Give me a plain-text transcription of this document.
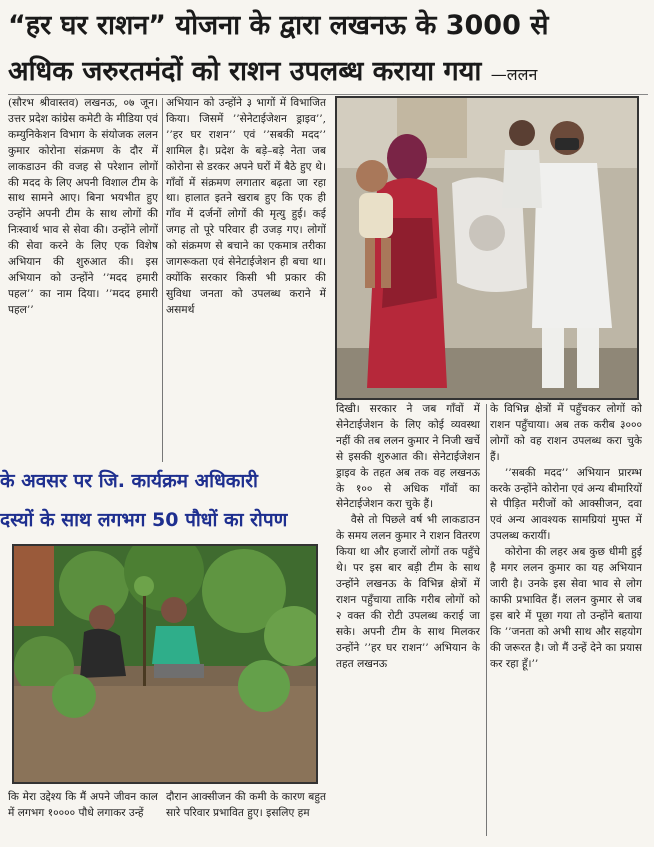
“हर घर राशन” योजना के द्वारा लखनऊ के 3000 से
अधिक जरुरतमंदों को राशन उपलब्ध कराया गया —ललन

(सौरभ श्रीवास्तव) लखनऊ, ०७ जून। उत्तर प्रदेश कांग्रेस कमेटी के मीडिया एवं कम्युनिकेशन विभाग के संयोजक ललन कुमार कोरोना संक्रमण के दौर में लाकडाउन की वजह से परेशान लोगों की मदद के लिए अपनी विशाल टीम के साथ सामने आए। बिना भयभीत हुए उन्होंने अपनी टीम के साथ लोगों की निःस्वार्थ भाव से सेवा की। उन्होंने लोगों की सेवा करने के लिए एक विशेष अभियान की शुरुआत की। इस अभियान को उन्होंने ’’मदद हमारी पहल’’ का नाम दिया। ’’मदद हमारी पहल’’

अभियान को उन्होंने ३ भागों में विभाजित किया। जिसमें ’’सेनेटाईजेशन ड्राइव’’, ’’हर घर राशन’’ एवं ’’सबकी मदद’’ शामिल है। प्रदेश के बड़े–बड़े नेता जब कोरोना से डरकर अपने घरों में बैठे हुए थे। गाँवों में संक्रमण लगातार बढ़ता जा रहा था। हालात इतने खराब हुए कि एक ही गाँव में दर्जनों लोगों की मृत्यु हुई। कई जगह तो पूरे परिवार ही उजड़ गए। लोगों को संक्रमण से बचाने का एकमात्र तरीका जागरूकता एवं सेनेटाईजेशन ही बचा था। क्योंकि सरकार किसी भी प्रकार की सुविधा जनता को उपलब्ध कराने में असमर्थ

दिखी। सरकार ने जब गाँवों में सेनेटाईजेशन के लिए कोई व्यवस्था नहीं की तब ललन कुमार ने निजी खर्चे से इसकी शुरुआत की। सेनेटाईजेशन ड्राइव के तहत अब तक वह लखनऊ के १०० से अधिक गाँवों का सेनेटाईजेशन करा चुके हैं।

वैसे तो पिछले वर्ष भी लाकडाउन के समय ललन कुमार ने राशन वितरण किया था और हजारों लोगों तक पहुँचे थे। पर इस बार बड़ी टीम के साथ उन्होंने लखनऊ के विभिन्न क्षेत्रों में राशन पहुँचाया ताकि गरीब लोगों को २ वक्त की रोटी उपलब्ध कराई जा सके। अपनी टीम के साथ मिलकर उन्होंने ’’हर घर राशन’’ अभियान के तहत लखनऊ

के विभिन्न क्षेत्रों में पहुँचकर लोगों को राशन पहुँचाया। अब तक करीब ३००० लोगों को वह राशन उपलब्ध करा चुके हैं।

’’सबकी मदद’’ अभियान प्रारम्भ करके उन्होंने कोरोना एवं अन्य बीमारियों से पीड़ित मरीजों को आक्सीजन, दवा एवं अन्य आवश्यक सामग्रियां मुफ्त में उपलब्ध करायीं।

कोरोना की लहर अब कुछ धीमी हुई है मगर ललन कुमार का यह अभियान जारी है। उनके इस सेवा भाव से लोग काफी प्रभावित हैं। ललन कुमार से जब इस बारे में पूछा गया तो उन्होंने बताया कि ’’जनता को अभी साथ और सहयोग की जरूरत है। जो मैं उन्हें देने का प्रयास कर रहा हूँ।’’

के अवसर पर जि. कार्यक्रम अधिकारी
दस्यों के साथ लगभग 50 पौधों का रोपण

कि मेरा उद्देश्य कि मैं अपने जीवन काल में लगभग १०००० पौधे लगाकर उन्हें

दौरान आक्सीजन की कमी के कारण बहुत सारे परिवार प्रभावित हुए। इसलिए हम
